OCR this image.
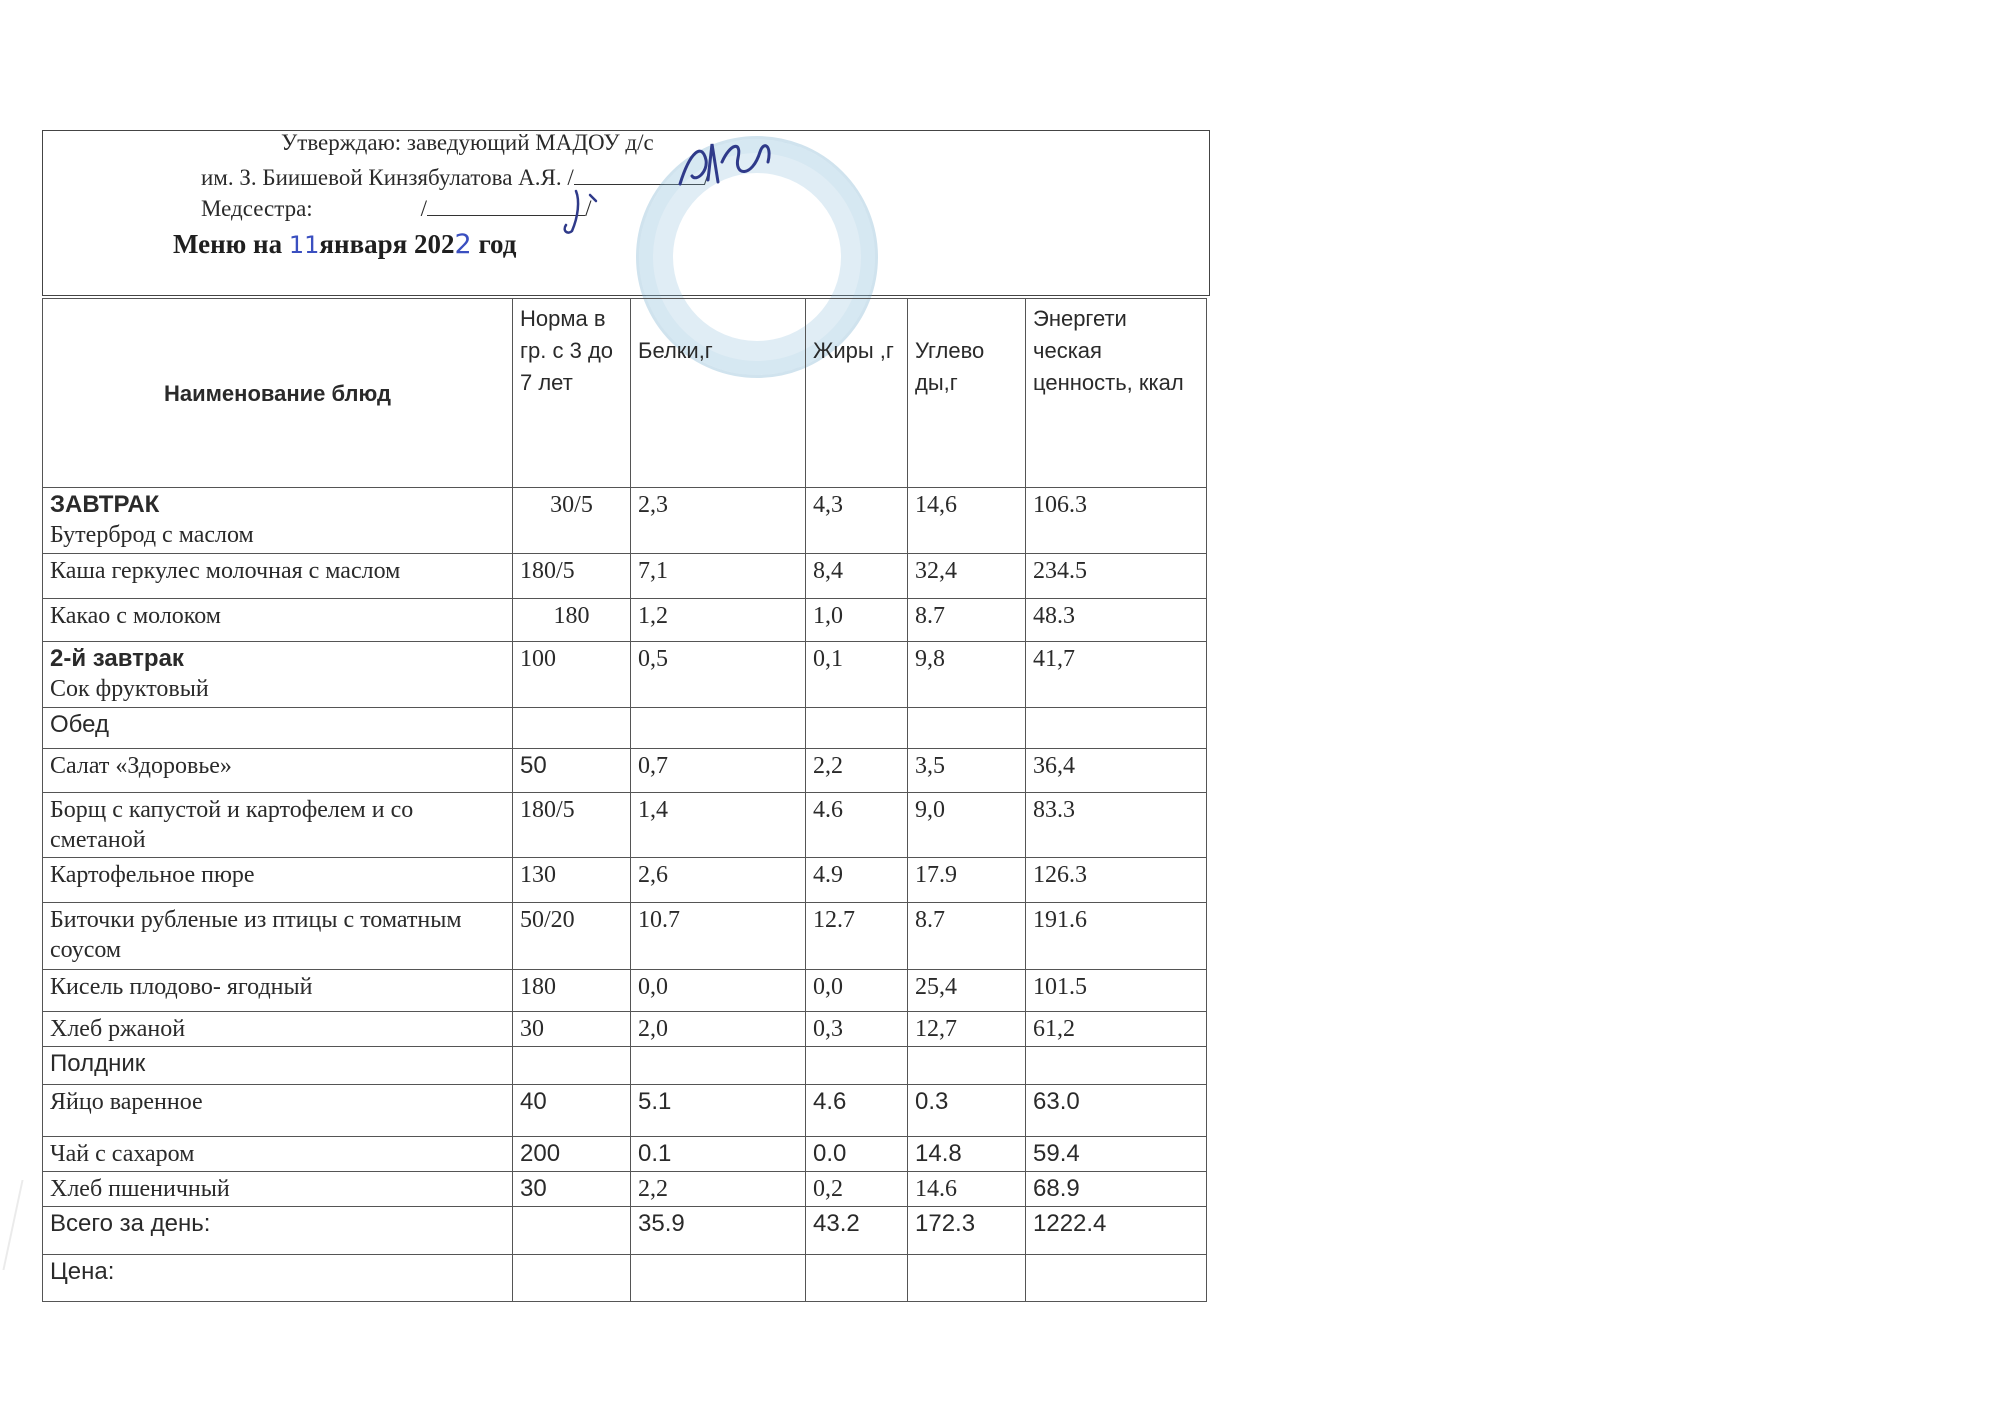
Утверждаю: заведующий МАДОУ д/с
им. З. Биишевой Кинзябулатова А.Я. /	/
Медсестра:	/	/
Меню на 11января 2022 год
Наименование блюд	Норма в гр. с 3 до 7 лет	Белки,г	Жиры ,г	Углево ды,г	Энергети ческая ценность, ккал

ЗАВТРАК
Бутерброд с маслом	30/5	2,3	4,3	14,6	106.3
Каша геркулес молочная с маслом	180/5	7,1	8,4	32,4	234.5
Какао с молоком	180	1,2	1,0	8.7	48.3

2-й завтрак
Сок фруктовый	100	0,5	0,1	9,8	41,7
Обед					
Салат «Здоровье»	50	0,7	2,2	3,5	36,4
Борщ с капустой и картофелем и со сметаной	180/5	1,4	4.6	9,0	83.3
Картофельное пюре	130	2,6	4.9	17.9	126.3
Биточки рубленые из птицы с томатным соусом	50/20	10.7	12.7	8.7	191.6
Кисель плодово- ягодный	180	0,0	0,0	25,4	101.5
Хлеб ржаной	30	2,0	0,3	12,7	61,2
Полдник					
Яйцо варенное	40	5.1	4.6	0.3	63.0
Чай с сахаром	200	0.1	0.0	14.8	59.4
Хлеб пшеничный	30	2,2	0,2	14.6	68.9
Всего за день:		35.9	43.2	172.3	1222.4
Цена:					
